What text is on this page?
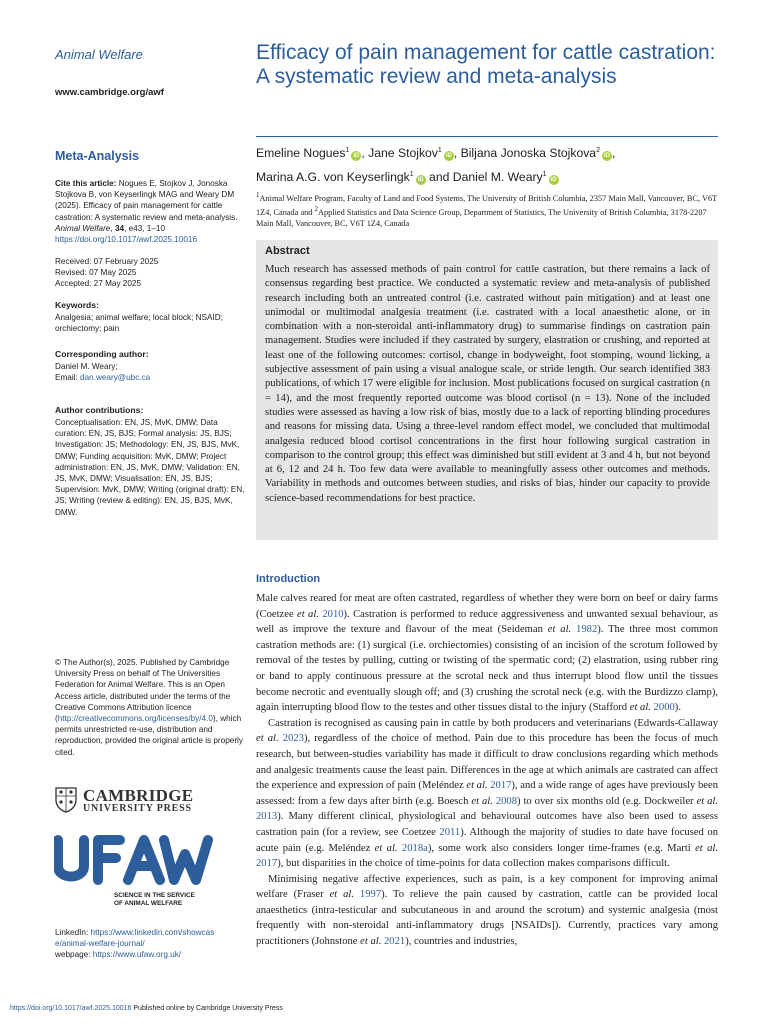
Animal Welfare
www.cambridge.org/awf
Meta-Analysis
Cite this article: Nogues E, Stojkov J, Jonoska Stojkova B, von Keyserlingk MAG and Weary DM (2025). Efficacy of pain management for cattle castration: A systematic review and meta-analysis. Animal Welfare, 34, e43, 1–10
https://doi.org/10.1017/awf.2025.10016
Received: 07 February 2025
Revised: 07 May 2025
Accepted: 27 May 2025
Keywords:
Analgesia; animal welfare; local block; NSAID; orchiectomy; pain
Corresponding author:
Daniel M. Weary;
Email: dan.weary@ubc.ca
Author contributions:
Conceptualisation: EN, JS, MvK, DMW; Data curation: EN, JS, BJS; Formal analysis: JS, BJS; Investigation: JS; Methodology: EN, JS, BJS, MvK, DMW; Funding acquisition: MvK, DMW; Project administration: EN, JS, MvK, DMW; Validation: EN, JS, MvK, DMW; Visualisation: EN, JS, BJS; Supervision: MvK, DMW; Writing (original draft): EN, JS; Writing (review & editing): EN, JS, BJS, MvK, DMW.
© The Author(s), 2025. Published by Cambridge University Press on behalf of The Universities Federation for Animal Welfare. This is an Open Access article, distributed under the terms of the Creative Commons Attribution licence (http://creativecommons.org/licenses/by/4.0), which permits unrestricted re-use, distribution and reproduction, provided the original article is properly cited.
CAMBRIDGE
UNIVERSITY PRESS
SCIENCE IN THE SERVICE
OF ANIMAL WELFARE
LinkedIn: https://www.linkedin.com/showcase/animal-welfare-journal/
webpage: https://www.ufaw.org.uk/
Efficacy of pain management for cattle castration: A systematic review and meta-analysis
Emeline Nogues$^1$iD , Jane Stojkov$^1$iD , Biljana Jonoska Stojkova$^2$iD ,
Marina A.G. von Keyserlingk$^1$iD and Daniel M. Weary$^1$iD
$^1$Animal Welfare Program, Faculty of Land and Food Systems, The University of British Columbia, 2357 Main Mall, Vancouver, BC, V6T 1Z4, Canada and $^2$Applied Statistics and Data Science Group, Department of Statistics, The University of British Columbia, 3178-2207 Main Mall, Vancouver, BC, V6T 1Z4, Canada
Abstract
Much research has assessed methods of pain control for cattle castration, but there remains a lack of consensus regarding best practice. We conducted a systematic review and meta-analysis of published research including both an untreated control (i.e. castrated without pain mitigation) and at least one unimodal or multimodal analgesia treatment (i.e. castrated with a local anaesthetic alone, or in combination with a non-steroidal anti-inflammatory drug) to summarise findings on castration pain management. Studies were included if they castrated by surgery, elastration or crushing, and reported at least one of the following outcomes: cortisol, change in bodyweight, foot stomping, wound licking, a subjective assessment of pain using a visual analogue scale, or stride length. Our search identified 383 publications, of which 17 were eligible for inclusion. Most publications focused on surgical castration (n = 14), and the most frequently reported outcome was blood cortisol (n = 13). None of the included studies were assessed as having a low risk of bias, mostly due to a lack of reporting blinding procedures and reasons for missing data. Using a three-level random effect model, we concluded that multimodal analgesia reduced blood cortisol concentrations in the first hour following surgical castration in comparison to the control group; this effect was diminished but still evident at 3 and 4 h, but not beyond at 6, 12 and 24 h. Too few data were available to meaningfully assess other outcomes and methods. Variability in methods and outcomes between studies, and risks of bias, hinder our capacity to provide science-based recommendations for best practice.
Introduction

Male calves reared for meat are often castrated, regardless of whether they were born on beef or dairy farms (Coetzee et al. 2010). Castration is performed to reduce aggressiveness and unwanted sexual behaviour, as well as improve the texture and flavour of the meat (Seideman et al. 1982). The three most common castration methods are: (1) surgical (i.e. orchiectomies) consisting of an incision of the scrotum followed by removal of the testes by pulling, cutting or twisting of the spermatic cord; (2) elastration, using rubber ring or band to apply continuous pressure at the scrotal neck and thus interrupt blood flow until the tissues become necrotic and eventually slough off; and (3) crushing the scrotal neck (e.g. with the Burdizzo clamp), again interrupting blood flow to the testes and other tissues distal to the injury (Stafford et al. 2000).

Castration is recognised as causing pain in cattle by both producers and veterinarians (Edwards-Callaway et al. 2023), regardless of the choice of method. Pain due to this procedure has been the focus of much research, but between-studies variability has made it difficult to draw conclusions regarding which methods and analgesic treatments cause the least pain. Differences in the age at which animals are castrated can affect the experience and expression of pain (Meléndez et al. 2017), and a wide range of ages have previously been assessed: from a few days after birth (e.g. Boesch et al. 2008) to over six months old (e.g. Dockweiler et al. 2013). Many different clinical, physiological and behavioural outcomes have also been used to assess castration pain (for a review, see Coetzee 2011). Although the majority of studies to date have focused on acute pain (e.g. Meléndez et al. 2018a), some work also considers longer time-frames (e.g. Marti et al. 2017), but disparities in the choice of time-points for data collection makes comparisons difficult.

Minimising negative affective experiences, such as pain, is a key component for improving animal welfare (Fraser et al. 1997). To relieve the pain caused by castration, cattle can be provided local anaesthetics (intra-testicular and subcutaneous in and around the scrotum) and systemic analgesia (most frequently with non-steroidal anti-inflammatory drugs [NSAIDs]). Currently, practices vary among practitioners (Johnstone et al. 2021), countries and industries,

https://doi.org/10.1017/awf.2025.10016 Published online by Cambridge University Press
